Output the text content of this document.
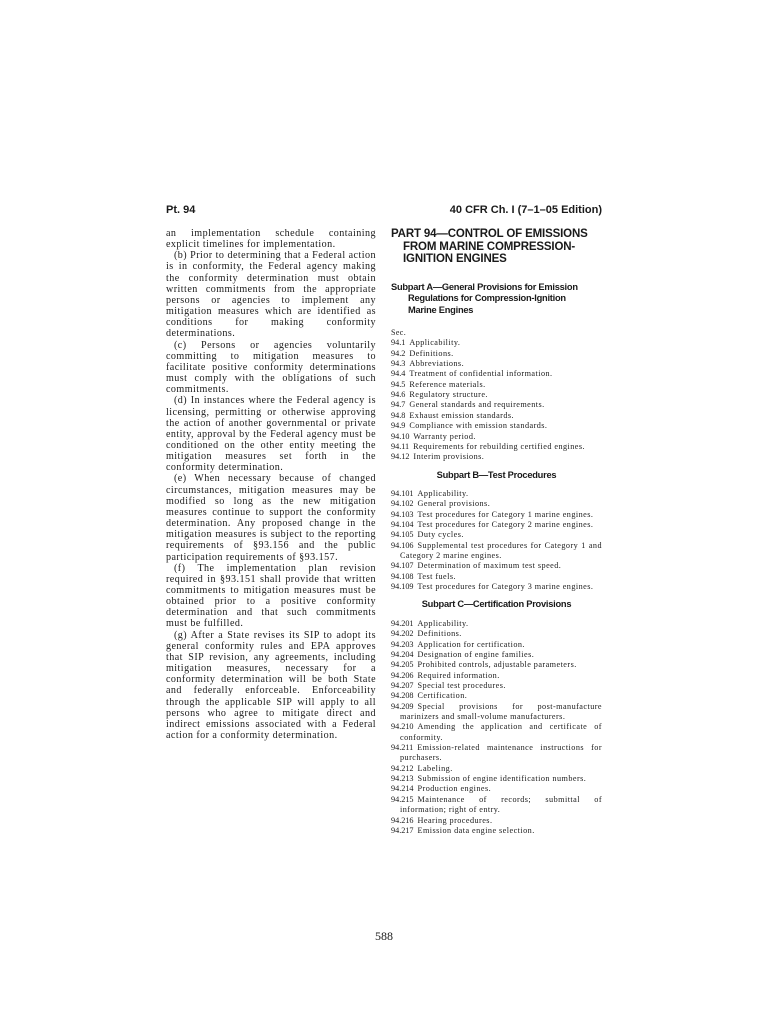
Pt. 94	40 CFR Ch. I (7–1–05 Edition)

an implementation schedule containing explicit timelines for implementation.

(b) Prior to determining that a Federal action is in conformity, the Federal agency making the conformity determination must obtain written commitments from the appropriate persons or agencies to implement any mitigation measures which are identified as conditions for making conformity determinations.

(c) Persons or agencies voluntarily committing to mitigation measures to facilitate positive conformity determinations must comply with the obligations of such commitments.

(d) In instances where the Federal agency is licensing, permitting or otherwise approving the action of another governmental or private entity, approval by the Federal agency must be conditioned on the other entity meeting the mitigation measures set forth in the conformity determination.

(e) When necessary because of changed circumstances, mitigation measures may be modified so long as the new mitigation measures continue to support the conformity determination. Any proposed change in the mitigation measures is subject to the reporting requirements of §93.156 and the public participation requirements of §93.157.

(f) The implementation plan revision required in §93.151 shall provide that written commitments to mitigation measures must be obtained prior to a positive conformity determination and that such commitments must be fulfilled.

(g) After a State revises its SIP to adopt its general conformity rules and EPA approves that SIP revision, any agreements, including mitigation measures, necessary for a conformity determination will be both State and federally enforceable. Enforceability through the applicable SIP will apply to all persons who agree to mitigate direct and indirect emissions associated with a Federal action for a conformity determination.

PART 94—CONTROL OF EMISSIONS
FROM MARINE COMPRESSION-
IGNITION ENGINES
Subpart A—General Provisions for Emission
Regulations for Compression-Ignition
Marine Engines
Sec.
94.1 Applicability.
94.2 Definitions.
94.3 Abbreviations.
94.4 Treatment of confidential information.
94.5 Reference materials.
94.6 Regulatory structure.
94.7 General standards and requirements.
94.8 Exhaust emission standards.
94.9 Compliance with emission standards.
94.10 Warranty period.
94.11 Requirements for rebuilding certified engines.
94.12 Interim provisions.
Subpart B—Test Procedures
94.101 Applicability.
94.102 General provisions.
94.103 Test procedures for Category 1 marine engines.
94.104 Test procedures for Category 2 marine engines.
94.105 Duty cycles.
94.106 Supplemental test procedures for Category 1 and Category 2 marine engines.
94.107 Determination of maximum test speed.
94.108 Test fuels.
94.109 Test procedures for Category 3 marine engines.
Subpart C—Certification Provisions
94.201 Applicability.
94.202 Definitions.
94.203 Application for certification.
94.204 Designation of engine families.
94.205 Prohibited controls, adjustable parameters.
94.206 Required information.
94.207 Special test procedures.
94.208 Certification.
94.209 Special provisions for post-manufacture marinizers and small-volume manufacturers.
94.210 Amending the application and certificate of conformity.
94.211 Emission-related maintenance instructions for purchasers.
94.212 Labeling.
94.213 Submission of engine identification numbers.
94.214 Production engines.
94.215 Maintenance of records; submittal of information; right of entry.
94.216 Hearing procedures.
94.217 Emission data engine selection.
588
